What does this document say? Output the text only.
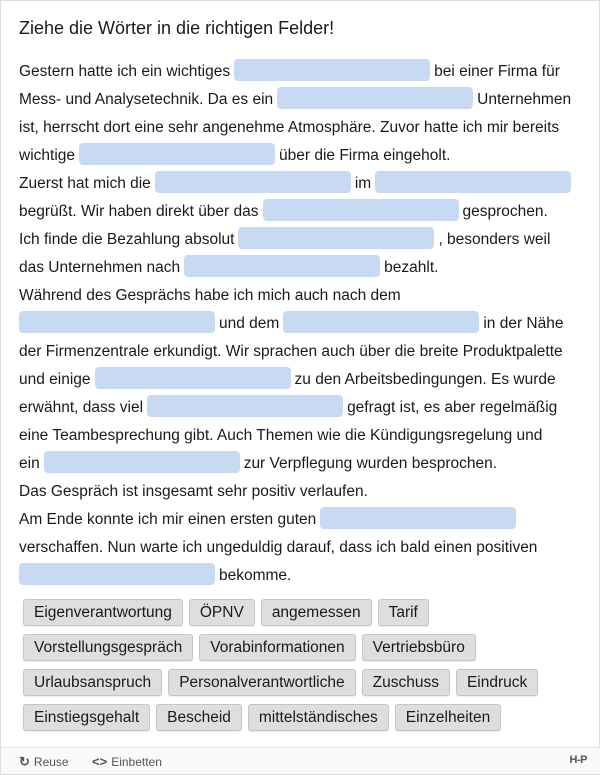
Ziehe die Wörter in die richtigen Felder!
Gestern hatte ich ein wichtiges	bei einer Firma für
Mess- und Analysetechnik. Da es ein	Unternehmen
ist, herrscht dort eine sehr angenehme Atmosphäre. Zuvor hatte ich mir bereits
wichtige	über die Firma eingeholt.
Zuerst hat mich die	im
begrüßt. Wir haben direkt über das	gesprochen.
Ich finde die Bezahlung absolut	, besonders weil
das Unternehmen nach	bezahlt.
Während des Gesprächs habe ich mich auch nach dem
und dem	in der Nähe
der Firmenzentrale erkundigt. Wir sprachen auch über die breite Produktpalette
und einige	zu den Arbeitsbedingungen. Es wurde
erwähnt, dass viel	gefragt ist, es aber regelmäßig
eine Teambesprechung gibt. Auch Themen wie die Kündigungsregelung und
ein	zur Verpflegung wurden besprochen.
Das Gespräch ist insgesamt sehr positiv verlaufen.
Am Ende konnte ich mir einen ersten guten
verschaffen. Nun warte ich ungeduldig darauf, dass ich bald einen positiven
bekomme.
Eigenverantwortung ÖPNV angemessen Tarif
Vorstellungsgespräch Vorabinformationen Vertriebsbüro
Urlaubsanspruch Personalverantwortliche Zuschuss Eindruck
Einstiegsgehalt Bescheid mittelständisches Einzelheiten
↻ Reuse <> Einbetten	H-P
